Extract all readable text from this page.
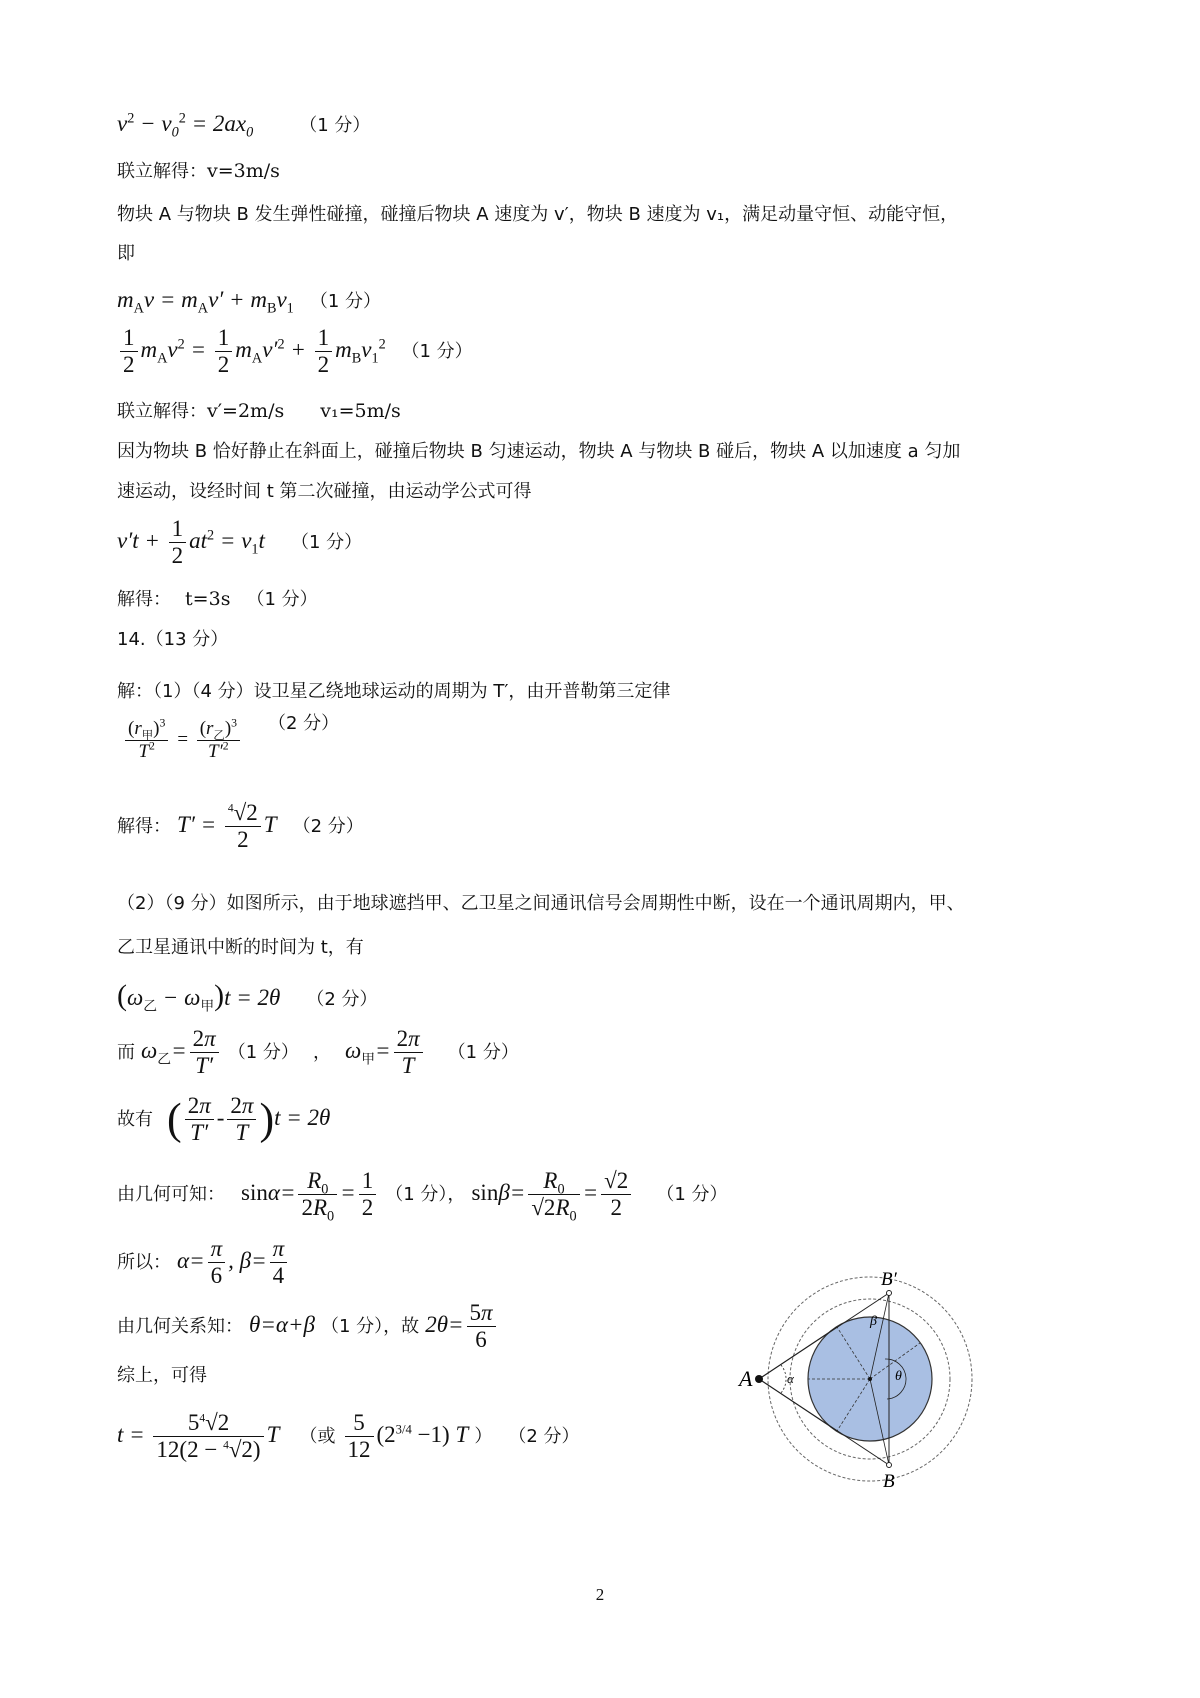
$v^2 - v_0^2 = 2ax_0$	（1 分）
联立解得：v=3m/s
物块 A 与物块 B 发生弹性碰撞，碰撞后物块 A 速度为 v′，物块 B 速度为 v₁，满足动量守恒、动能守恒，
即
$m_Av = m_Av' + m_Bv_1$ （1 分）
$\frac{1}{2} m_Av^2 = \frac{1}{2} m_Av'^2 + \frac{1}{2} m_Bv_1^2$ （1 分）
联立解得：v′=2m/s v₁=5m/s
因为物块 B 恰好静止在斜面上，碰撞后物块 B 匀速运动，物块 A 与物块 B 碰后，物块 A 以加速度 a 匀加
速运动，设经时间 t 第二次碰撞，由运动学公式可得
$v't + \frac{1}{2} at^2 = v_1t$ （1 分）
解得： t=3s （1 分）
14.（13 分）
解：（1）（4 分）设卫星乙绕地球运动的周期为 T′，由开普勒第三定律
$\frac{(r_甲)^3}{T^2} = \frac{(r_乙)^3}{T'^2} (2$ 分）
解得： $T' = \frac{^4√2}{2}$ T （2 分）
（2）（9 分）如图所示，由于地球遮挡甲、乙卫星之间通讯信号会周期性中断，设在一个通讯周期内，甲、
乙卫星通讯中断的时间为 t，有
$(\omega_乙 - \omega_甲)t = 2\theta$ （2 分）
而 $\omega_乙= \frac{2\pi}{T'} (1$ 分） ， $\omega_甲= \frac{2\pi}{T} (1$ 分）
故有 ( $\frac{2\pi}{T'} - \frac{2\pi}{T} )t = 2\theta$
由几何可知： $\sin\alpha= \frac{R_0}{2R_0} = \frac{1}{2} (1$ 分）， $\sin\beta= \frac{R_0}{√2R_0} = \frac{√2}{2} (1$ 分）
所以： $\alpha= \frac{\pi}{6}$ , $\beta= \frac{\pi}{4}$
由几何关系知： θ=α+β （1 分），故 $2\theta= \frac{5\pi}{6}$
综上，可得
$t = \frac{5^4√2}{12(2 - ^4√2)}$ T （或 $\frac{5}{12} (2^{3/4} -1)$ T ） （2 分）
A
B′
B
α
β
θ
2
